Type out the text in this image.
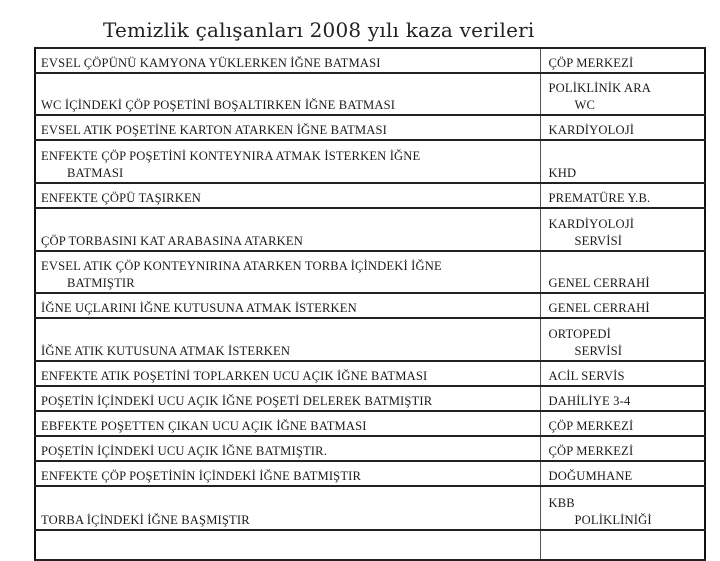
Temizlik çalışanları 2008 yılı kaza verileri
EVSEL ÇÖPÜNÜ KAMYONA YÜKLERKEN İĞNE BATMASI	ÇÖP MERKEZİ

WC İÇİNDEKİ ÇÖP POŞETİNİ BOŞALTIRKEN İĞNE BATMASI	POLİKLİNİK ARA
WC

EVSEL ATIK POŞETİNE KARTON ATARKEN İĞNE BATMASI	KARDİYOLOJİ

ENFEKTE ÇÖP POŞETİNİ KONTEYNIRA ATMAK İSTERKEN İĞNE
BATMASI	KHD

ENFEKTE ÇÖPÜ TAŞIRKEN	PREMATÜRE Y.B.

ÇÖP TORBASINI KAT ARABASINA ATARKEN	KARDİYOLOJİ
SERVİSİ

EVSEL ATIK ÇÖP KONTEYNIRINA ATARKEN TORBA İÇİNDEKİ İĞNE
BATMIŞTIR	GENEL CERRAHİ

İĞNE UÇLARINI İĞNE KUTUSUNA ATMAK İSTERKEN	GENEL CERRAHİ

İĞNE ATIK KUTUSUNA ATMAK İSTERKEN	ORTOPEDİ
SERVİSİ

ENFEKTE ATIK POŞETİNİ TOPLARKEN UCU AÇIK İĞNE BATMASI	ACİL SERVİS

POŞETİN İÇİNDEKİ UCU AÇIK İĞNE POŞETİ DELEREK BATMIŞTIR	DAHİLİYE 3-4

EBFEKTE POŞETTEN ÇIKAN UCU AÇIK İĞNE BATMASI	ÇÖP MERKEZİ

POŞETİN İÇİNDEKİ UCU AÇIK İĞNE BATMIŞTIR.	ÇÖP MERKEZİ

ENFEKTE ÇÖP POŞETİNİN İÇİNDEKİ İĞNE BATMIŞTIR	DOĞUMHANE

TORBA İÇİNDEKİ İĞNE BAŞMIŞTIR	KBB
POLİKLİNİĞİ
